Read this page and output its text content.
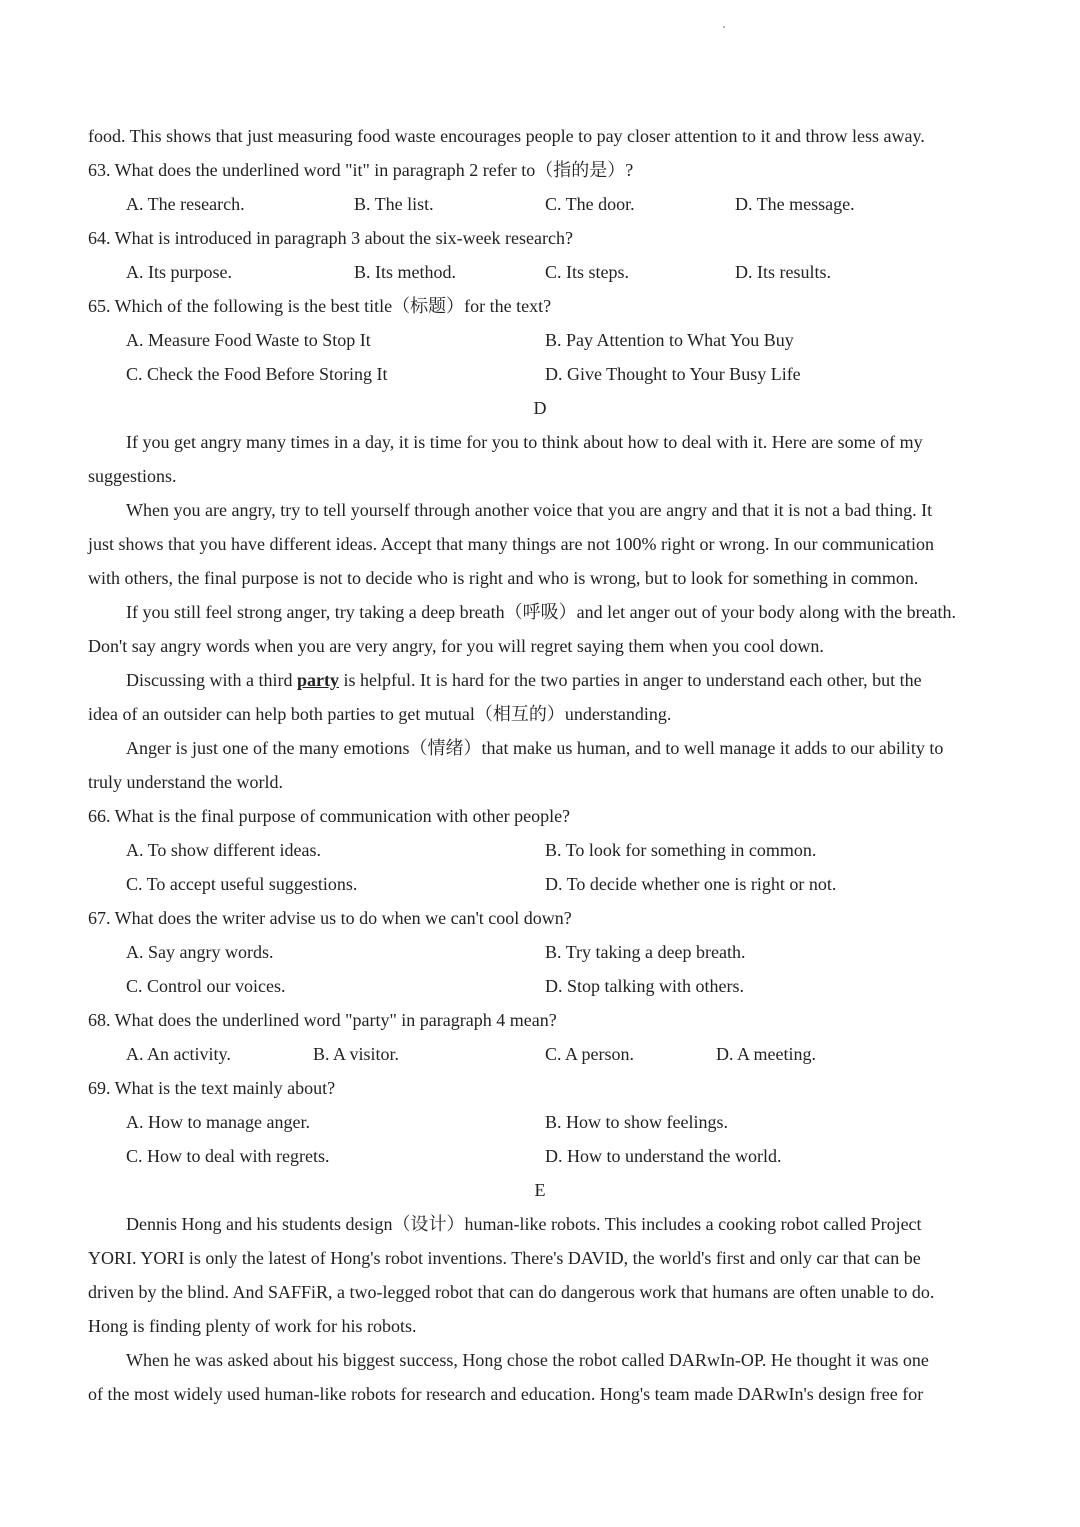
food. This shows that just measuring food waste encourages people to pay closer attention to it and throw less away.
63. What does the underlined word "it" in paragraph 2 refer to（指的是）?
A. The research.	B. The list.	C. The door.	D. The message.
64. What is introduced in paragraph 3 about the six-week research?
A. Its purpose.	B. Its method.	C. Its steps.	D. Its results.
65. Which of the following is the best title（标题）for the text?
A. Measure Food Waste to Stop It	B. Pay Attention to What You Buy
C. Check the Food Before Storing It	D. Give Thought to Your Busy Life
D
If you get angry many times in a day, it is time for you to think about how to deal with it. Here are some of my
suggestions.
When you are angry, try to tell yourself through another voice that you are angry and that it is not a bad thing. It
just shows that you have different ideas. Accept that many things are not 100% right or wrong. In our communication
with others, the final purpose is not to decide who is right and who is wrong, but to look for something in common.
If you still feel strong anger, try taking a deep breath（呼吸）and let anger out of your body along with the breath.
Don't say angry words when you are very angry, for you will regret saying them when you cool down.
Discussing with a third party is helpful. It is hard for the two parties in anger to understand each other, but the
idea of an outsider can help both parties to get mutual（相互的）understanding.
Anger is just one of the many emotions（情绪）that make us human, and to well manage it adds to our ability to
truly understand the world.
66. What is the final purpose of communication with other people?
A. To show different ideas.	B. To look for something in common.
C. To accept useful suggestions.	D. To decide whether one is right or not.
67. What does the writer advise us to do when we can't cool down?
A. Say angry words.	B. Try taking a deep breath.
C. Control our voices.	D. Stop talking with others.
68. What does the underlined word "party" in paragraph 4 mean?
A. An activity.	B. A visitor.	C. A person.	D. A meeting.
69. What is the text mainly about?
A. How to manage anger.	B. How to show feelings.
C. How to deal with regrets.	D. How to understand the world.
E
Dennis Hong and his students design（设计）human-like robots. This includes a cooking robot called Project
YORI. YORI is only the latest of Hong's robot inventions. There's DAVID, the world's first and only car that can be
driven by the blind. And SAFFiR, a two-legged robot that can do dangerous work that humans are often unable to do.
Hong is finding plenty of work for his robots.
When he was asked about his biggest success, Hong chose the robot called DARwIn-OP. He thought it was one
of the most widely used human-like robots for research and education. Hong's team made DARwIn's design free for
